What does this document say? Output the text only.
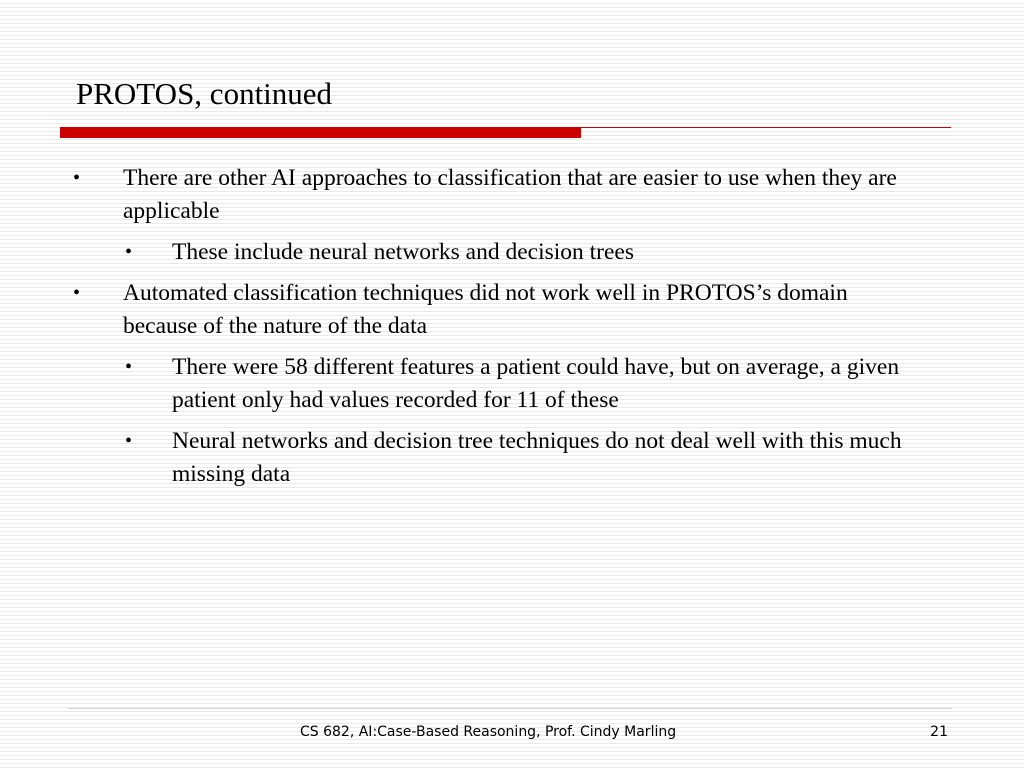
PROTOS, continued
• There are other AI approaches to classification that are easier to use when they are applicable
• These include neural networks and decision trees
• Automated classification techniques did not work well in PROTOS’s domain because of the nature of the data
• There were 58 different features a patient could have, but on average, a given patient only had values recorded for 11 of these
• Neural networks and decision tree techniques do not deal well with this much missing data
CS 682, AI:Case-Based Reasoning, Prof. Cindy Marling	21
